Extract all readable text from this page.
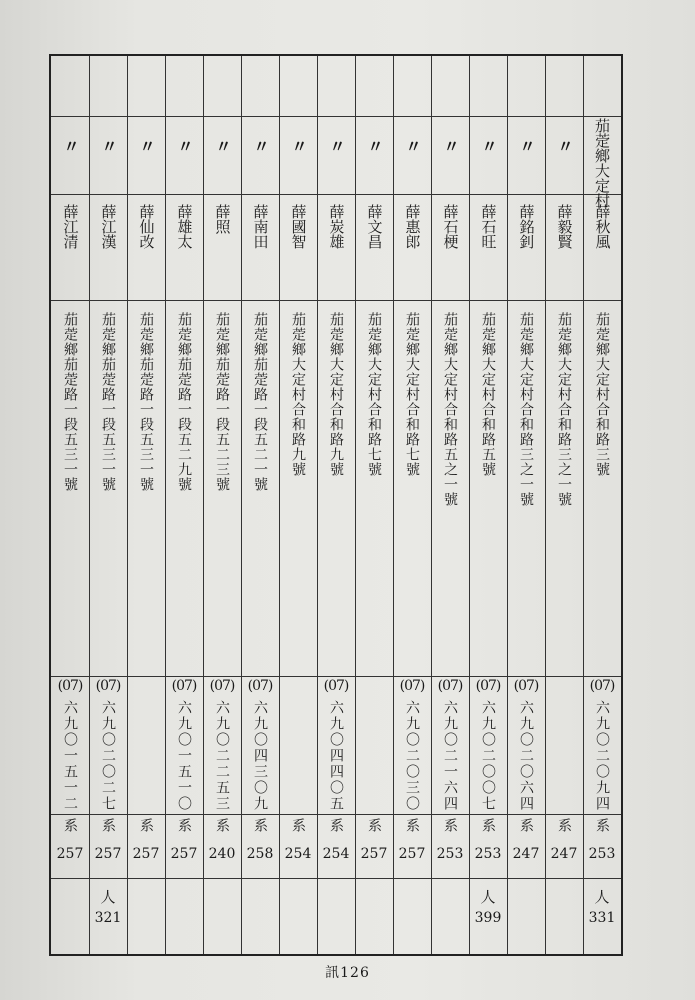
茄萣鄉大定村
薛秋風
茄萣鄉大定村合和路三號
(07)
六九〇二〇九四
系
253
人
331
〃
薛毅賢
茄萣鄉大定村合和路三之一號
系
247
〃
薛銘釗
茄萣鄉大定村合和路三之一號
(07)
六九〇二〇六四
系
247
〃
薛石旺
茄萣鄉大定村合和路五號
(07)
六九〇二〇〇七
系
253
人
399
〃
薛石梗
茄萣鄉大定村合和路五之一號
(07)
六九〇二一六四
系
253
〃
薛惠郎
茄萣鄉大定村合和路七號
(07)
六九〇二〇三〇
系
257
〃
薛文昌
茄萣鄉大定村合和路七號
系
257
〃
薛炭雄
茄萣鄉大定村合和路九號
(07)
六九〇四四〇五
系
254
〃
薛國智
茄萣鄉大定村合和路九號
系
254
〃
薛南田
茄萣鄉茄萣路一段五二一號
(07)
六九〇四三〇九
系
258
〃
薛照
茄萣鄉茄萣路一段五二三號
(07)
六九〇二二五三
系
240
〃
薛雄太
茄萣鄉茄萣路一段五二九號
(07)
六九〇一五一〇
系
257
〃
薛仙改
茄萣鄉茄萣路一段五三一號
系
257
〃
薛江漢
茄萣鄉茄萣路一段五三一號
(07)
六九〇二〇二七
系
257
人
321
〃
薛江清
茄萣鄉茄萣路一段五三一號
(07)
六九〇一五一二
系
257
訊126
